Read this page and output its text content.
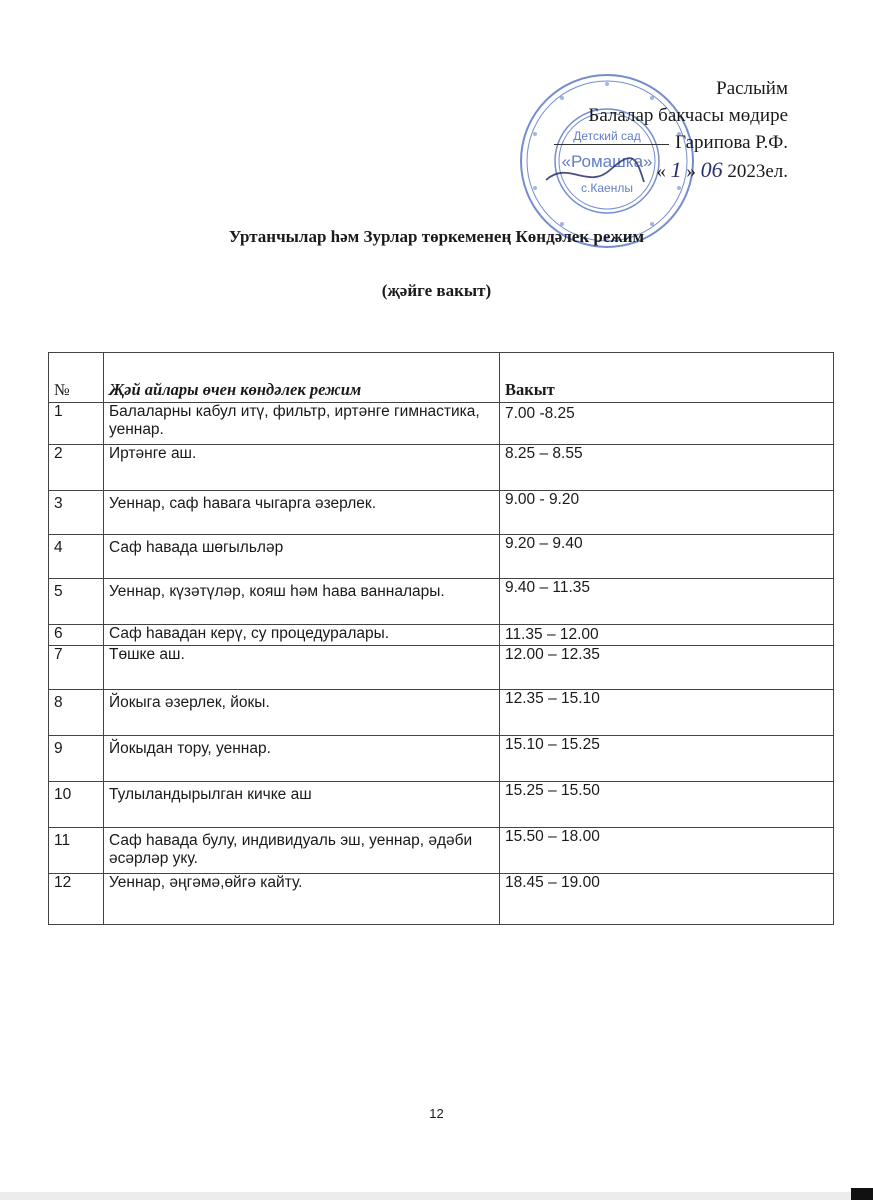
Детский сад
«Ромашка»
с.Каенлы
Раслыйм
Балалар бакчасы мөдире
Гарипова Р.Ф.
« 1 » 06 2023ел.
Уртанчылар һәм Зурлар төркеменең Көндәлек режим
(җәйге вакыт)
№	Җәй айлары өчен көндәлек режим	Вакыт
1	Балаларны кабул итү, фильтр, иртәнге гимнастика, уеннар.	7.00 -8.25
2	Иртәнге аш.	8.25 – 8.55
3	Уеннар, саф һавага чыгарга әзерлек.	9.00 - 9.20
4	Саф һавада шөгыльләр	9.20 – 9.40
5	Уеннар, күзәтүләр, кояш һәм һава ванналары.	9.40 – 11.35
6	Саф һавадан керү, су процедуралары.	11.35 – 12.00
7	Төшке аш.	12.00 – 12.35
8	Йокыга әзерлек, йокы.	12.35 – 15.10
9	Йокыдан тору, уеннар.	15.10 – 15.25
10	Тулыландырылган кичке аш	15.25 – 15.50
11	Саф һавада булу, индивидуаль эш, уеннар, әдәби әсәрләр уку.	15.50 – 18.00
12	Уеннар, әңгәмә,өйгә кайту.	18.45 – 19.00
12
